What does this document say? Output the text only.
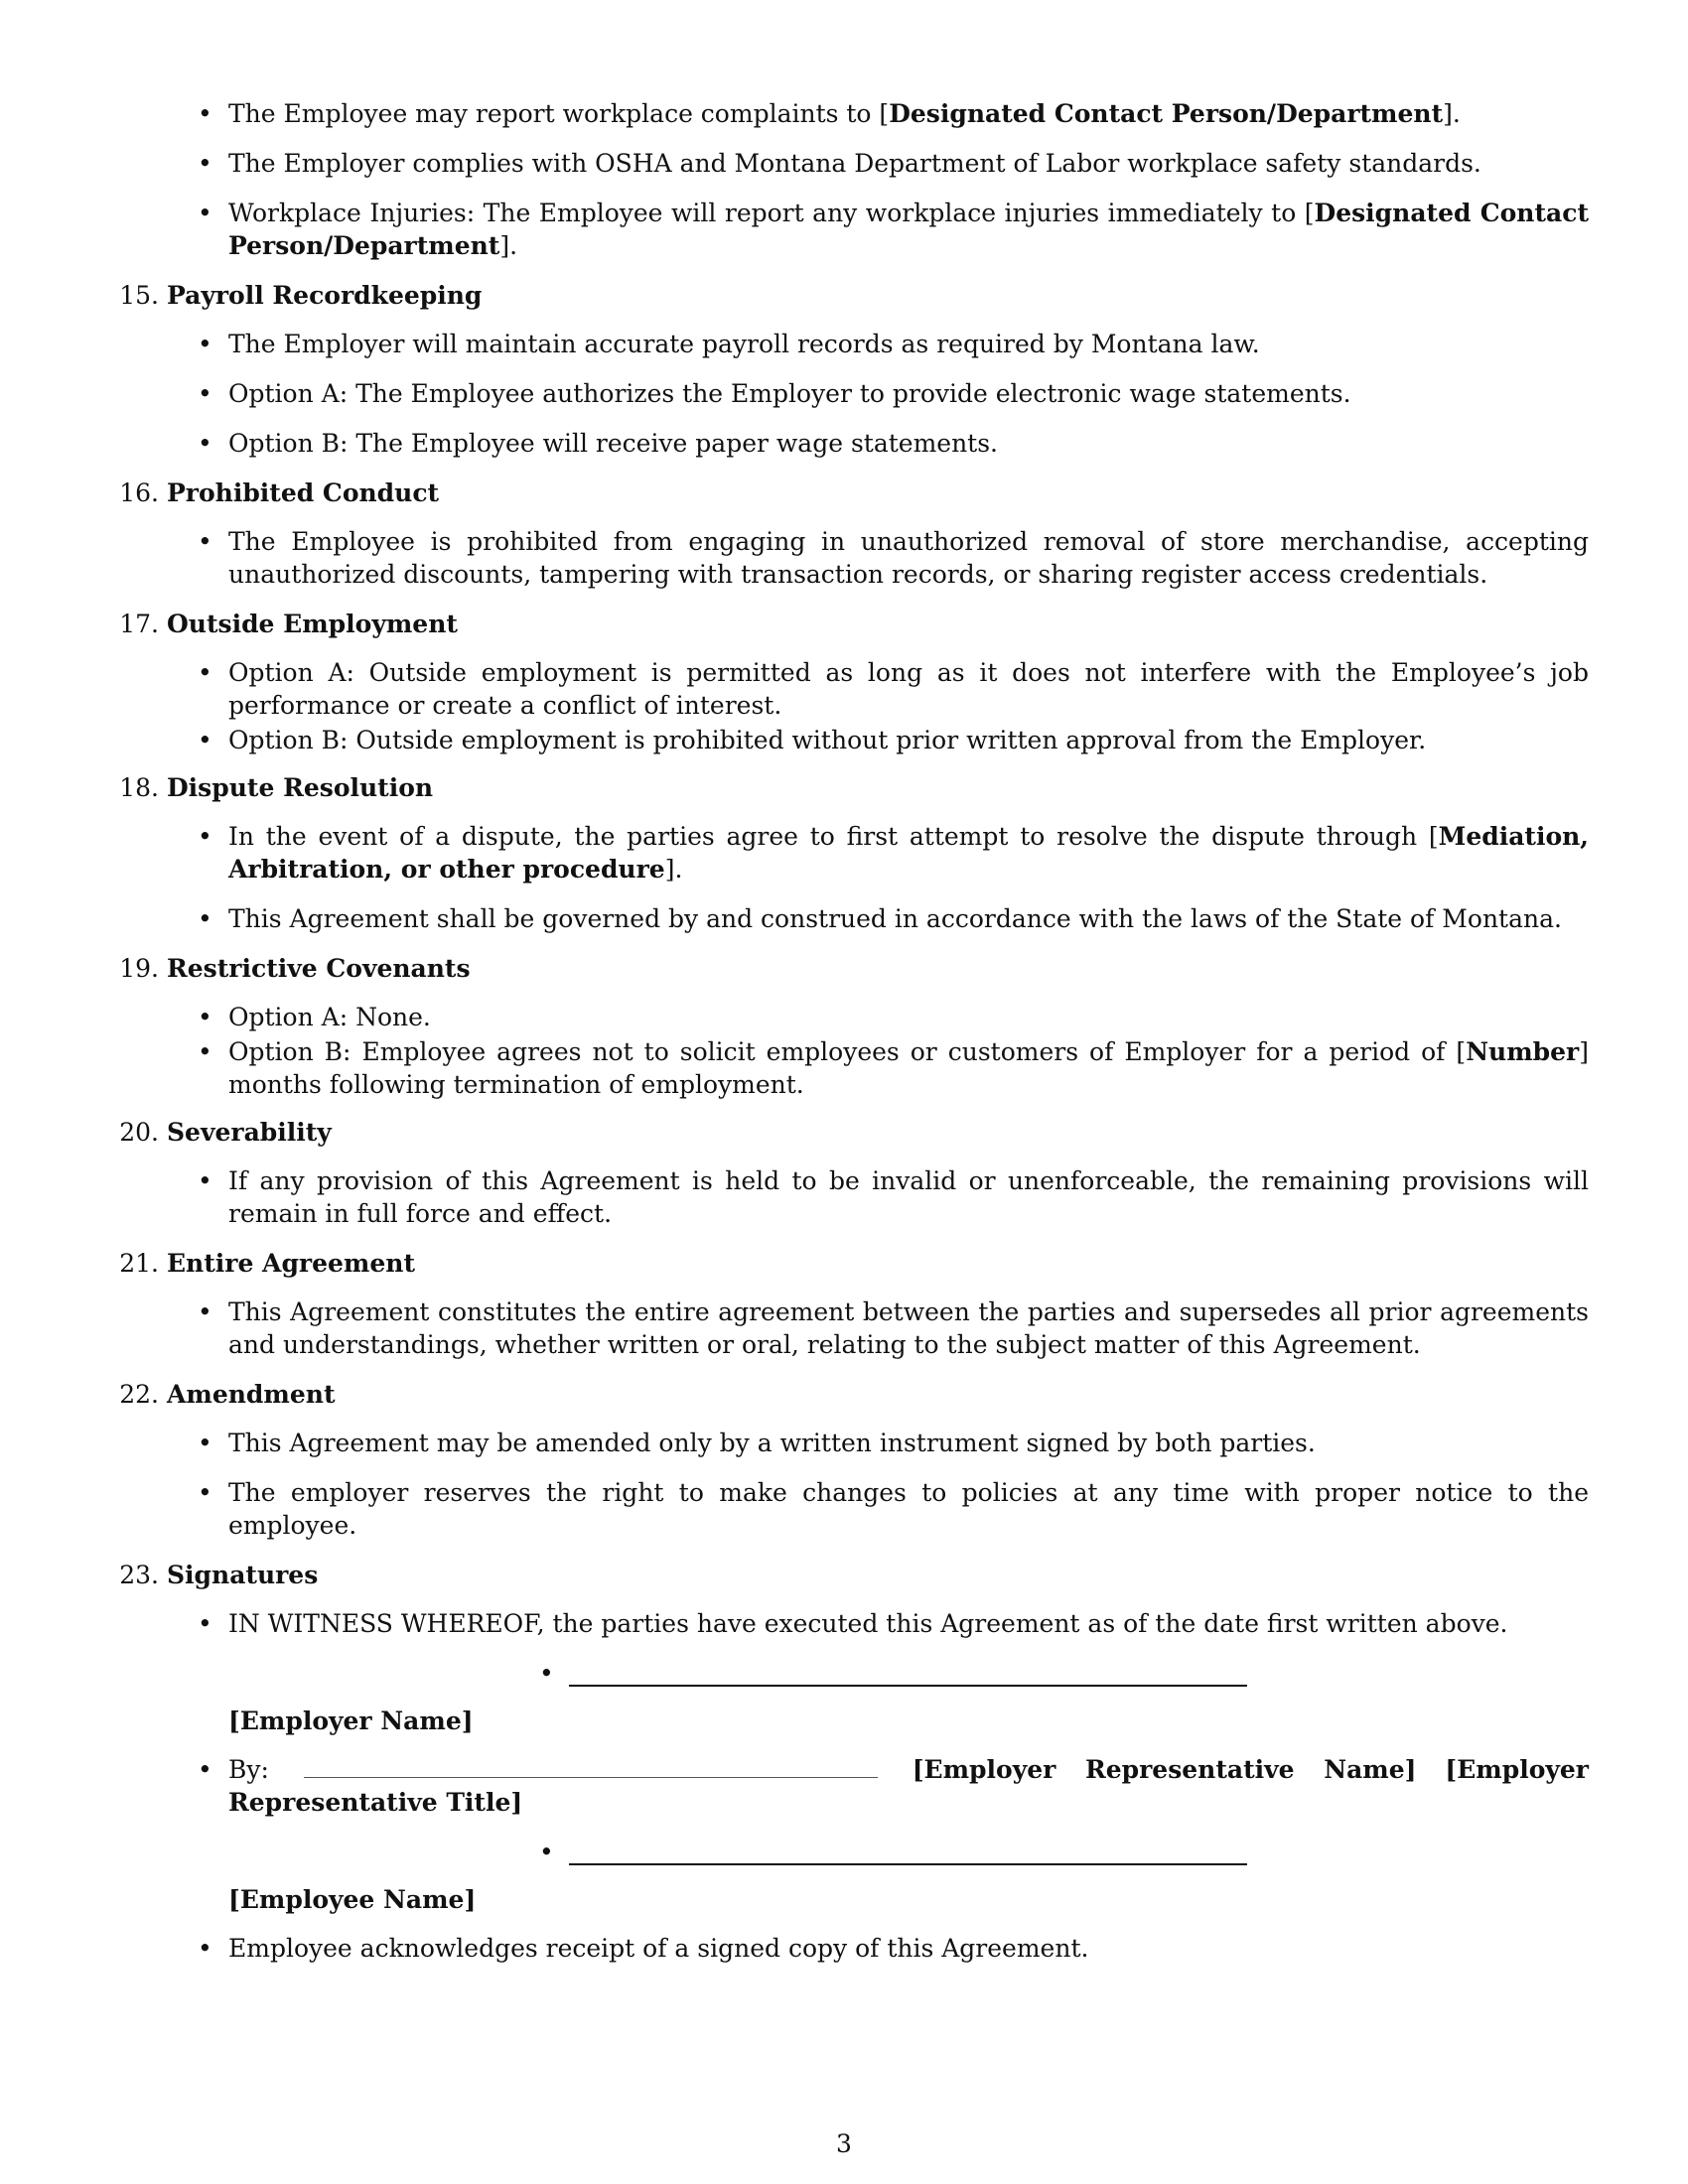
• The Employee may report workplace complaints to [Designated Contact Person/Department].
• The Employer complies with OSHA and Montana Department of Labor workplace safety standards.
• Workplace Injuries: The Employee will report any workplace injuries immediately to [Designated Contact Person/Department].
15. Payroll Recordkeeping
• The Employer will maintain accurate payroll records as required by Montana law.
• Option A: The Employee authorizes the Employer to provide electronic wage statements.
• Option B: The Employee will receive paper wage statements.
16. Prohibited Conduct
• The Employee is prohibited from engaging in unauthorized removal of store merchandise, accepting unauthorized discounts, tampering with transaction records, or sharing register access credentials.
17. Outside Employment
• Option A: Outside employment is permitted as long as it does not interfere with the Employee’s job performance or create a conflict of interest.
• Option B: Outside employment is prohibited without prior written approval from the Employer.
18. Dispute Resolution
• In the event of a dispute, the parties agree to first attempt to resolve the dispute through [Mediation, Arbitration, or other procedure].
• This Agreement shall be governed by and construed in accordance with the laws of the State of Montana.
19. Restrictive Covenants
• Option A: None.
• Option B: Employee agrees not to solicit employees or customers of Employer for a period of [Number] months following termination of employment.
20. Severability
• If any provision of this Agreement is held to be invalid or unenforceable, the remaining provisions will remain in full force and effect.
21. Entire Agreement
• This Agreement constitutes the entire agreement between the parties and supersedes all prior agreements and understandings, whether written or oral, relating to the subject matter of this Agreement.
22. Amendment
• This Agreement may be amended only by a written instrument signed by both parties.
• The employer reserves the right to make changes to policies at any time with proper notice to the employee.
23. Signatures
• IN WITNESS WHEREOF, the parties have executed this Agreement as of the date first written above.
•
[Employer Name]
• By:	[Employer Representative Name] [Employer Representative Title]
•
[Employee Name]
• Employee acknowledges receipt of a signed copy of this Agreement.
3
